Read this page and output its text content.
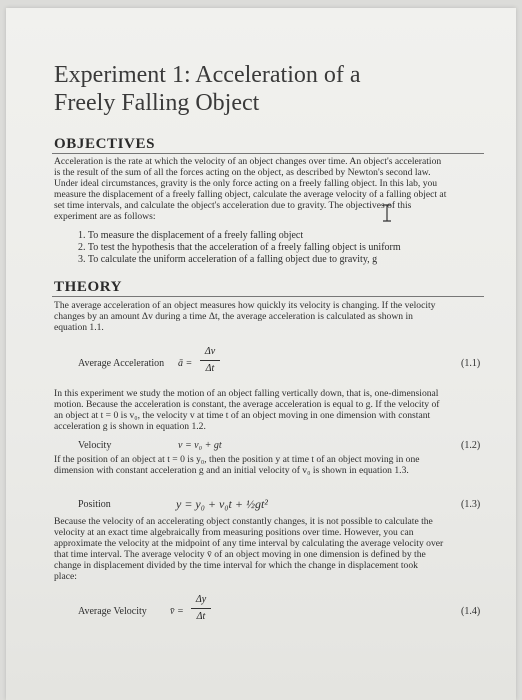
Experiment 1: Acceleration of a
Freely Falling Object
OBJECTIVES
Acceleration is the rate at which the velocity of an object changes over time. An object's acceleration
is the result of the sum of all the forces acting on the object, as described by Newton's second law.
Under ideal circumstances, gravity is the only force acting on a freely falling object. In this lab, you
measure the displacement of a freely falling object, calculate the average velocity of a falling object at
set time intervals, and calculate the object's acceleration due to gravity. The objectives of this
experiment are as follows:
1. To measure the displacement of a freely falling object
2. To test the hypothesis that the acceleration of a freely falling object is uniform
3. To calculate the uniform acceleration of a falling object due to gravity, g
THEORY
The average acceleration of an object measures how quickly its velocity is changing. If the velocity
changes by an amount Δv during a time Δt, the average acceleration is calculated as shown in
equation 1.1.
Average Acceleration ā =
Δv
Δt	(1.1)
In this experiment we study the motion of an object falling vertically down, that is, one-dimensional
motion. Because the acceleration is constant, the average acceleration is equal to g. If the velocity of
an object at t = 0 is v₀, the velocity v at time t of an object moving in one dimension with constant
acceleration g is shown in equation 1.2.
Velocity	v = v₀ + gt	(1.2)
If the position of an object at t = 0 is y₀, then the position y at time t of an object moving in one
dimension with constant acceleration g and an initial velocity of v₀ is shown in equation 1.3.
Position	y = y₀ + v₀t + ½gt²	(1.3)
Because the velocity of an accelerating object constantly changes, it is not possible to calculate the
velocity at an exact time algebraically from measuring positions over time. However, you can
approximate the velocity at the midpoint of any time interval by calculating the average velocity over
that time interval. The average velocity v̄ of an object moving in one dimension is defined by the
change in displacement divided by the time interval for which the change in displacement took
place:
Average Velocity v̄ =
Δy
Δt	(1.4)
